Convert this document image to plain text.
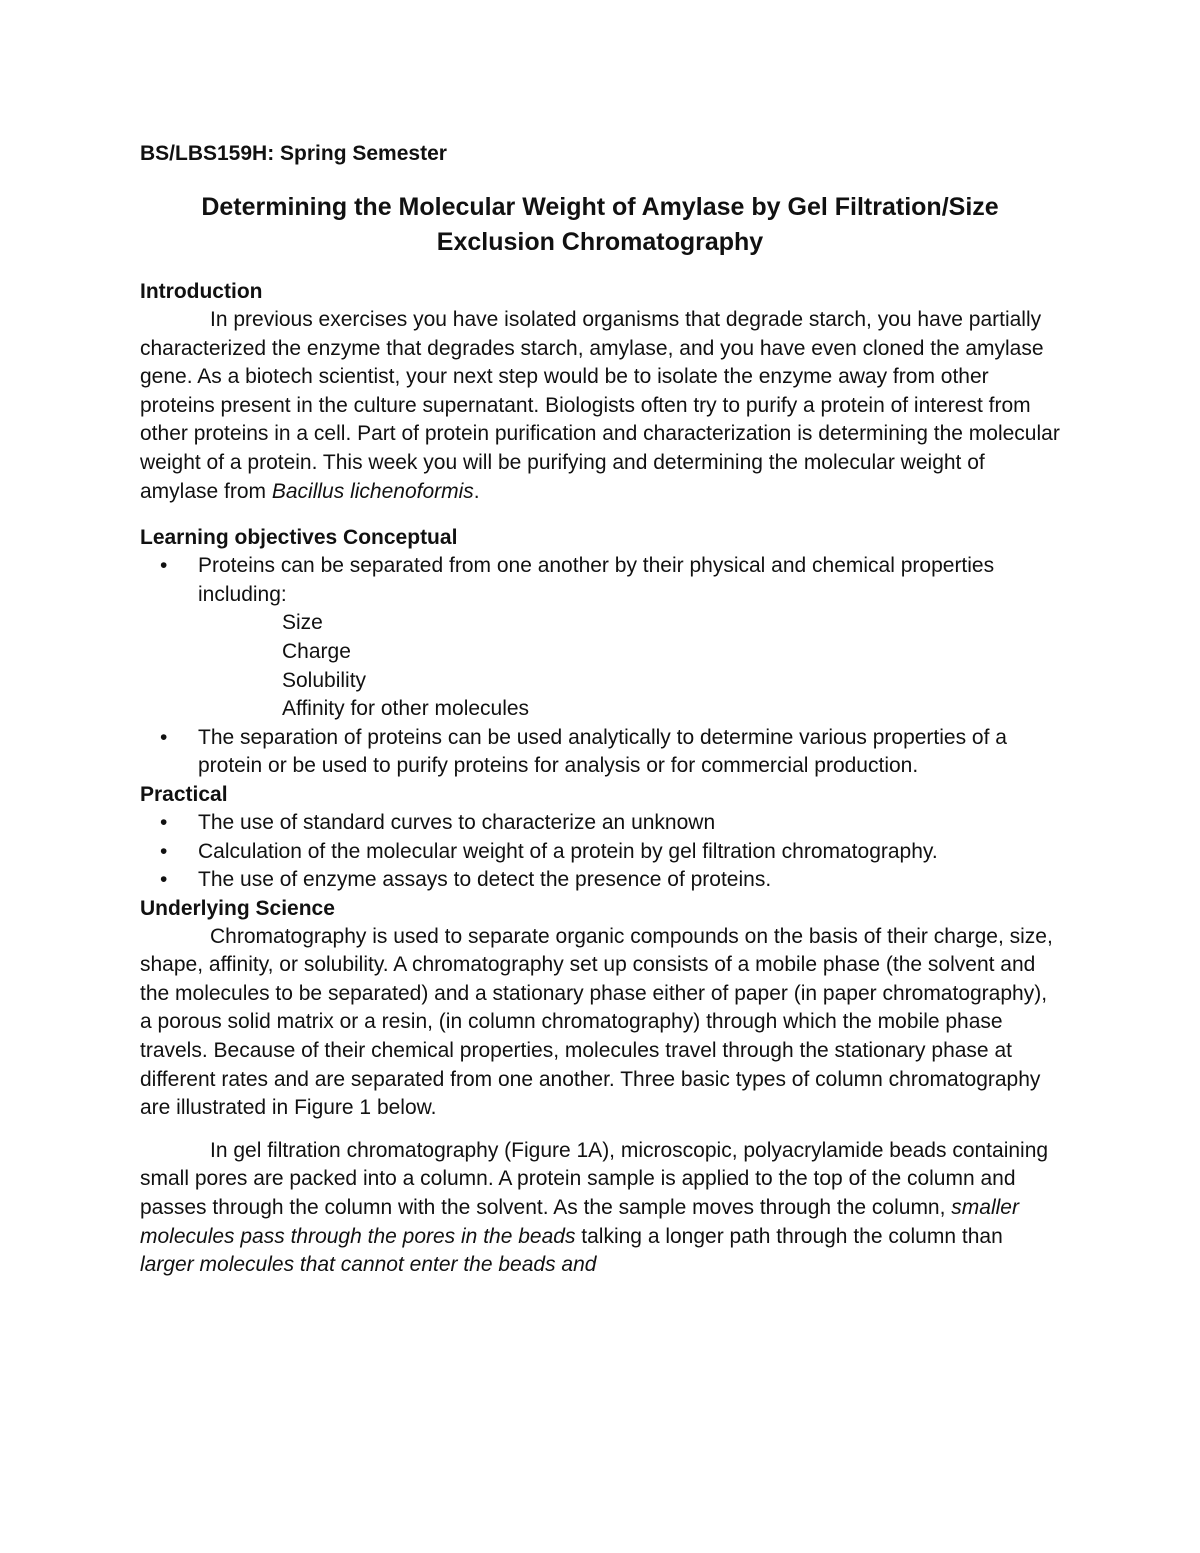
BS/LBS159H: Spring Semester
Determining the Molecular Weight of Amylase by Gel Filtration/Size
Exclusion Chromatography
Introduction

In previous exercises you have isolated organisms that degrade starch, you have partially characterized the enzyme that degrades starch, amylase, and you have even cloned the amylase gene. As a biotech scientist, your next step would be to isolate the enzyme away from other proteins present in the culture supernatant. Biologists often try to purify a protein of interest from other proteins in a cell. Part of protein purification and characterization is determining the molecular weight of a protein. This week you will be purifying and determining the molecular weight of amylase from Bacillus lichenoformis.

Learning objectives Conceptual
• Proteins can be separated from one another by their physical and chemical properties including:
Size
Charge
Solubility
Affinity for other molecules
• The separation of proteins can be used analytically to determine various properties of a protein or be used to purify proteins for analysis or for commercial production.
Practical
• The use of standard curves to characterize an unknown
• Calculation of the molecular weight of a protein by gel filtration chromatography.
• The use of enzyme assays to detect the presence of proteins.
Underlying Science

Chromatography is used to separate organic compounds on the basis of their charge, size, shape, affinity, or solubility. A chromatography set up consists of a mobile phase (the solvent and the molecules to be separated) and a stationary phase either of paper (in paper chromatography), a porous solid matrix or a resin, (in column chromatography) through which the mobile phase travels. Because of their chemical properties, molecules travel through the stationary phase at different rates and are separated from one another. Three basic types of column chromatography are illustrated in Figure 1 below.

In gel filtration chromatography (Figure 1A), microscopic, polyacrylamide beads containing small pores are packed into a column. A protein sample is applied to the top of the column and passes through the column with the solvent. As the sample moves through the column, smaller molecules pass through the pores in the beads talking a longer path through the column than larger molecules that cannot enter the beads and
